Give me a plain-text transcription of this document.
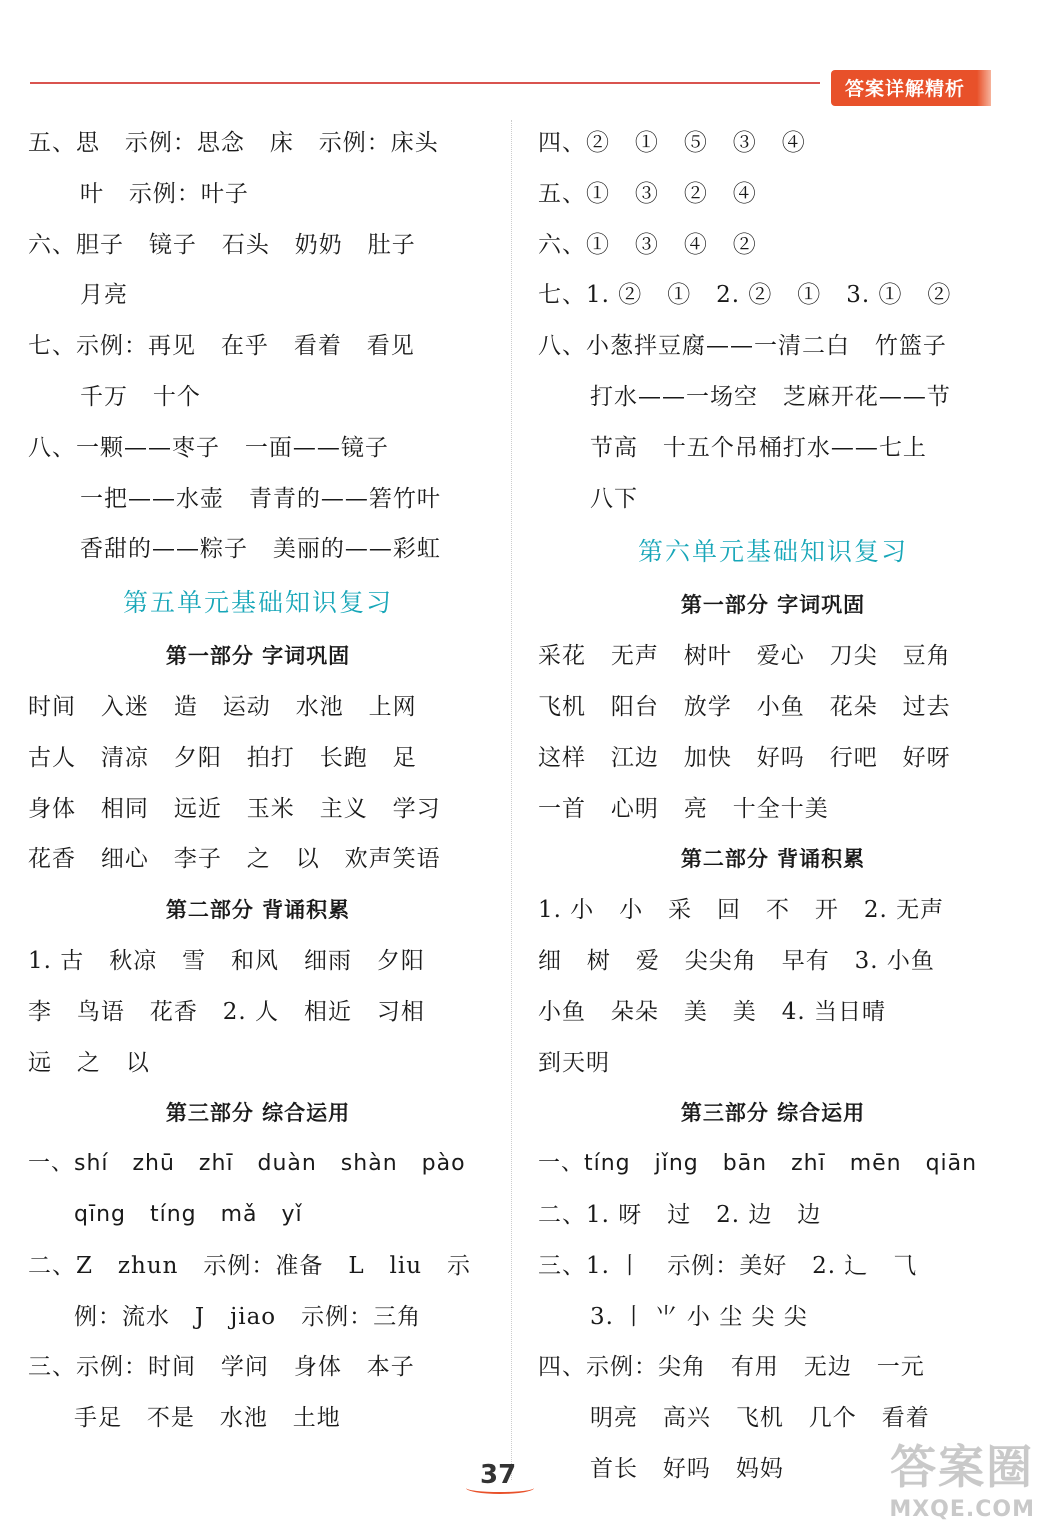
答案详解精析
五、思   示例：思念   床   示例：床头
叶   示例：叶子
六、胆子   镜子   石头   奶奶   肚子
月亮
七、示例：再见   在乎   看着   看见
千万   十个
八、一颗——枣子   一面——镜子
一把——水壶   青青的——箬竹叶
香甜的——粽子   美丽的——彩虹
第五单元基础知识复习
第一部分 字词巩固
时间   入迷   造   运动   水池   上网
古人   清凉   夕阳   拍打   长跑   足
身体   相同   远近   玉米   主义   学习
花香   细心   李子   之   以   欢声笑语
第二部分 背诵积累
1. 古   秋凉   雪   和风   细雨   夕阳
李   鸟语   花香   2. 人   相近   习相
远   之   以
第三部分 综合运用
一、shí   zhū   zhī   duàn   shàn   pào
qīng   tíng   mǎ   yǐ
二、Z   zhun   示例：准备   L   liu   示
例：流水   J   jiao   示例：三角
三、示例：时间   学问   身体   本子
手足   不是   水池   土地
四、②   ①   ⑤   ③   ④
五、①   ③   ②   ④
六、①   ③   ④   ②
七、1. ②   ①   2. ②   ①   3. ①   ②
八、小葱拌豆腐——一清二白   竹篮子
打水——一场空   芝麻开花——节
节高   十五个吊桶打水——七上
八下
第六单元基础知识复习
第一部分 字词巩固
采花   无声   树叶   爱心   刀尖   豆角
飞机   阳台   放学   小鱼   花朵   过去
这样   江边   加快   好吗   行吧   好呀
一首   心明   亮   十全十美
第二部分 背诵积累
1. 小   小   采   回   不   开   2. 无声
细   树   爱   尖尖角   早有   3. 小鱼
小鱼   朵朵   美   美   4. 当日晴
到天明
第三部分 综合运用
一、tíng   jǐng   bān   zhī   mēn   qiān
二、1. 呀   过   2. 边   边
三、1. 丨   示例：美好   2. 辶   ⺄
3. 丨 ⺌ 小 尘 尖 尖
四、示例：尖角   有用   无边   一元
明亮   高兴   飞机   几个   看着
首长   好吗   妈妈
37	答案圈
MXQE.COM
